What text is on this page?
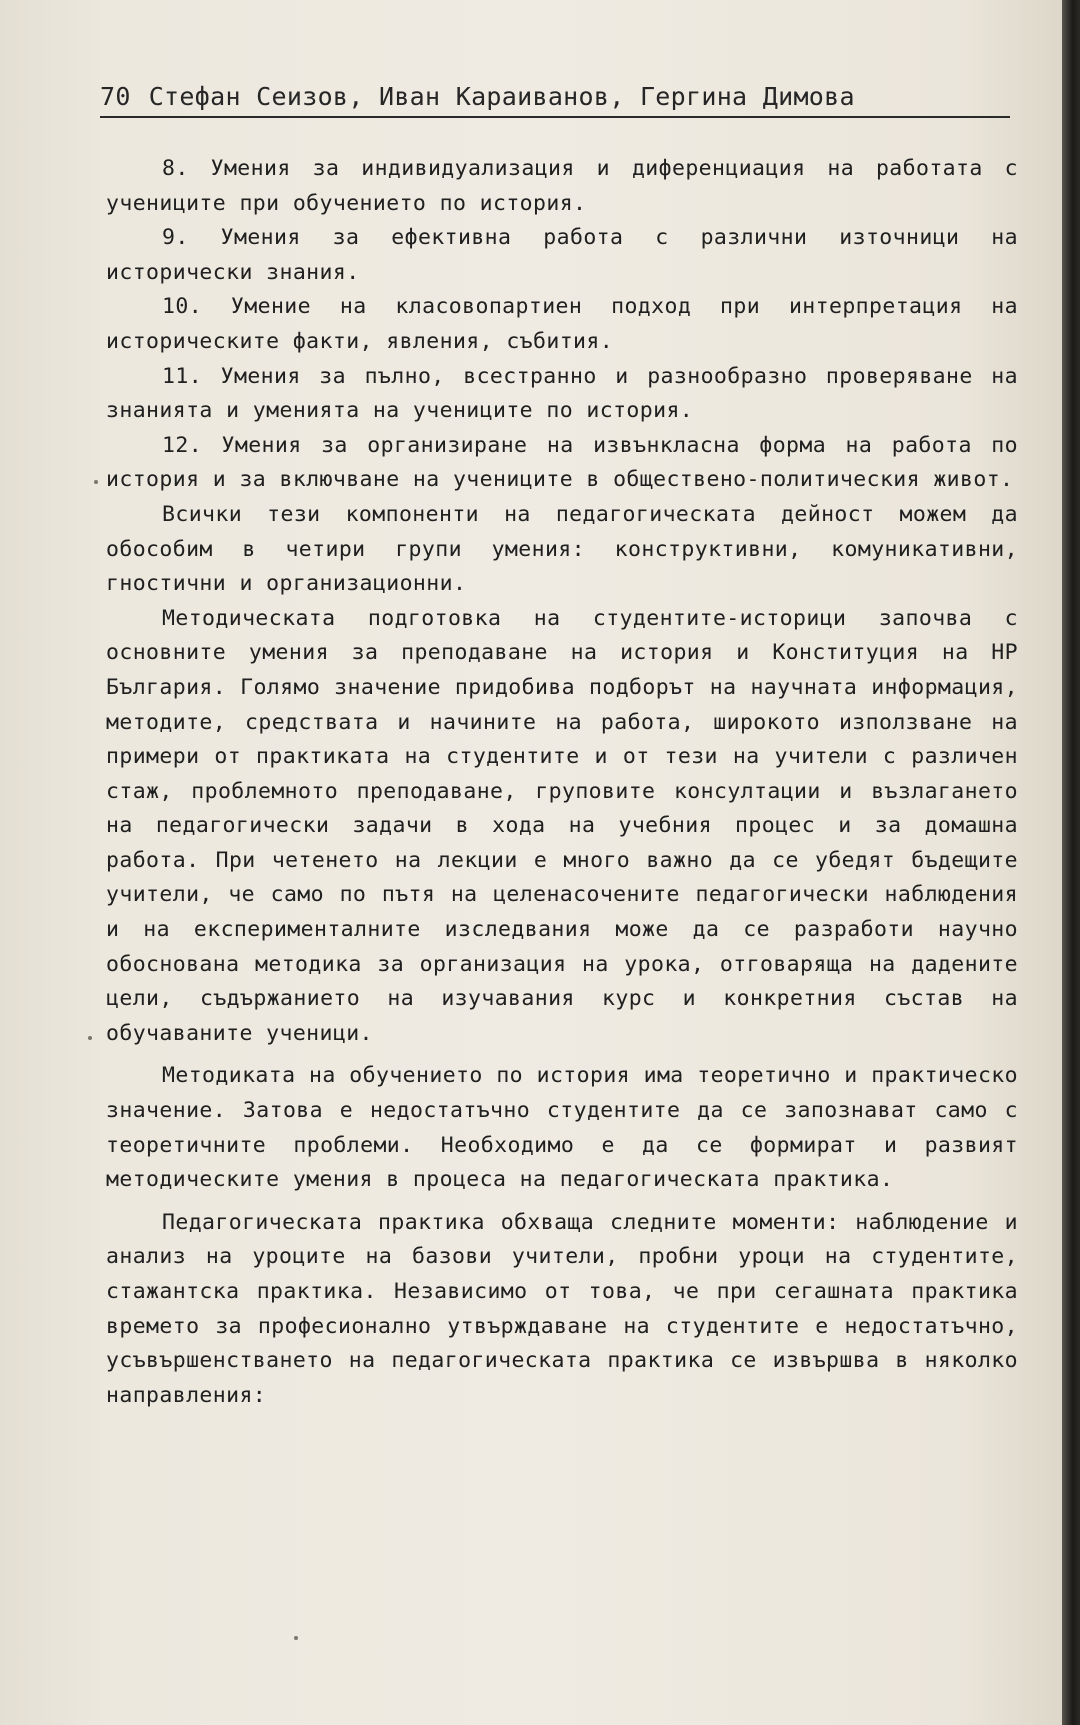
70 Стефан Сеизов, Иван Караиванов, Гергина Димова

8. Умения за индивидуализация и диференциация на работата с учениците при обучението по история.

9. Умения за ефективна работа с различни източници на исторически знания.

10. Умение на класовопартиен подход при интерпретация на историческите факти, явления, събития.

11. Умения за пълно, всестранно и разнообразно проверяване на знанията и уменията на учениците по история.

12. Умения за организиране на извънкласна форма на работа по история и за включване на учениците в обществено-политическия живот.

Всички тези компоненти на педагогическата дейност можем да обособим в четири групи умения: конструктивни, комуникативни, гностични и организационни.

Методическата подготовка на студентите-историци започва с основните умения за преподаване на история и Конституция на НР България. Голямо значение придобива подборът на научната информация, методите, средствата и начините на работа, широкото използване на примери от практиката на студентите и от тези на учители с различен стаж, проблемното преподаване, груповите консултации и възлагането на педагогически задачи в хода на учебния процес и за домашна работа. При четенето на лекции е много важно да се убедят бъдещите учители, че само по пътя на целенасочените педагогически наблюдения и на експерименталните изследвания може да се разработи научно обоснована методика за организация на урока, отговаряща на дадените цели, съдържанието на изучавания курс и конкретния състав на обучаваните ученици.

Методиката на обучението по история има теоретично и практическо значение. Затова е недостатъчно студентите да се запознават само с теоретичните проблеми. Необходимо е да се формират и развият методическите умения в процеса на педагогическата практика.

Педагогическата практика обхваща следните моменти: наблюдение и анализ на уроците на базови учители, пробни уроци на студентите, стажантска практика. Независимо от това, че при сегашната практика времето за професионално утвърждаване на студентите е недостатъчно, усъвършенстването на педагогическата практика се извършва в няколко направления:
